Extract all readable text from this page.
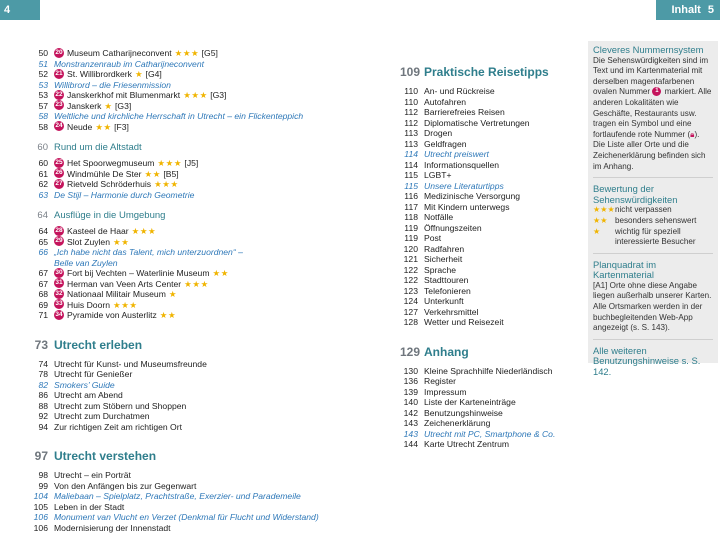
4 Inhalt
Inhalt 5
50 20 Museum Catharijneconvent ★★★ [G5]
51 Monstranzenraub im Catharijneconvent
52 21 St. Willibrordkerk ★ [G4]
53 Willibrord – die Friesenmission
53 22 Janskerkhof mit Blumenmarkt ★★★ [G3]
57 23 Janskerk ★ [G3]
58 Weltliche und kirchliche Herrschaft in Utrecht – ein Flickenteppich
58 24 Neude ★★ [F3]
60 Rund um die Altstadt
60 25 Het Spoorwegmuseum ★★★ [J5]
61 26 Windmühle De Ster ★★ [B5]
62 27 Rietveld Schröderhuis ★★★
63 De Stijl – Harmonie durch Geometrie
64 Ausflüge in die Umgebung
64 28 Kasteel de Haar ★★★
65 29 Slot Zuylen ★★
66 „Ich habe nicht das Talent, mich unterzuordnen“ –
Belle van Zuylen
67 30 Fort bij Vechten – Waterlinie Museum ★★
67 31 Herman van Veen Arts Center ★★★
68 32 Nationaal Militair Museum ★
69 33 Huis Doorn ★★★
71 34 Pyramide von Austerlitz ★★
73 Utrecht erleben
74 Utrecht für Kunst- und Museumsfreunde
78 Utrecht für Genießer
82 Smokers’ Guide
86 Utrecht am Abend
88 Utrecht zum Stöbern und Shoppen
92 Utrecht zum Durchatmen
94 Zur richtigen Zeit am richtigen Ort
97 Utrecht verstehen
98 Utrecht – ein Porträt
99 Von den Anfängen bis zur Gegenwart
104 Maliebaan – Spielplatz, Prachtstraße, Exerzier- und Parademeile
105 Leben in der Stadt
106 Monument van Vlucht en Verzet (Denkmal für Flucht und Widerstand)
106 Modernisierung der Innenstadt
109 Praktische Reisetipps
110 An- und Rückreise
110 Autofahren
112 Barrierefreies Reisen
112 Diplomatische Vertretungen
113 Drogen
113 Geldfragen
114 Utrecht preiswert
114 Informationsquellen
115 LGBT+
115 Unsere Literaturtipps
116 Medizinische Versorgung
117 Mit Kindern unterwegs
118 Notfälle
119 Öffnungszeiten
119 Post
120 Radfahren
121 Sicherheit
122 Sprache
122 Stadttouren
123 Telefonieren
124 Unterkunft
127 Verkehrsmittel
128 Wetter und Reisezeit
129 Anhang
130 Kleine Sprachhilfe Niederländisch
136 Register
139 Impressum
140 Liste der Karteneinträge
142 Benutzungshinweise
143 Zeichenerklärung
143 Utrecht mit PC, Smartphone & Co.
144 Karte Utrecht Zentrum
Cleveres Nummernsystem

Die Sehenswürdigkeiten sind im Text und im Kartenmaterial mit derselben magentafarbenen ovalen Nummer 1 markiert. Alle anderen Lokalitäten wie Geschäfte, Restaurants usw. tragen ein Symbol und eine fortlaufende rote Nummer (🔒︎). Die Liste aller Orte und die Zeichenerklärung befinden sich im Anhang.

Bewertung der Sehenswürdigkeiten
★★★ nicht verpassen
★★ besonders sehenswert
★ wichtig für speziell interessierte Besucher
Planquadrat im Kartenmaterial

[A1] Orte ohne diese Angabe liegen außerhalb unserer Karten. Alle Ortsmarken werden in der buchbegleitenden Web-App angezeigt (s. S. 143).

Alle weiteren Benutzungshinweise s. S. 142.
